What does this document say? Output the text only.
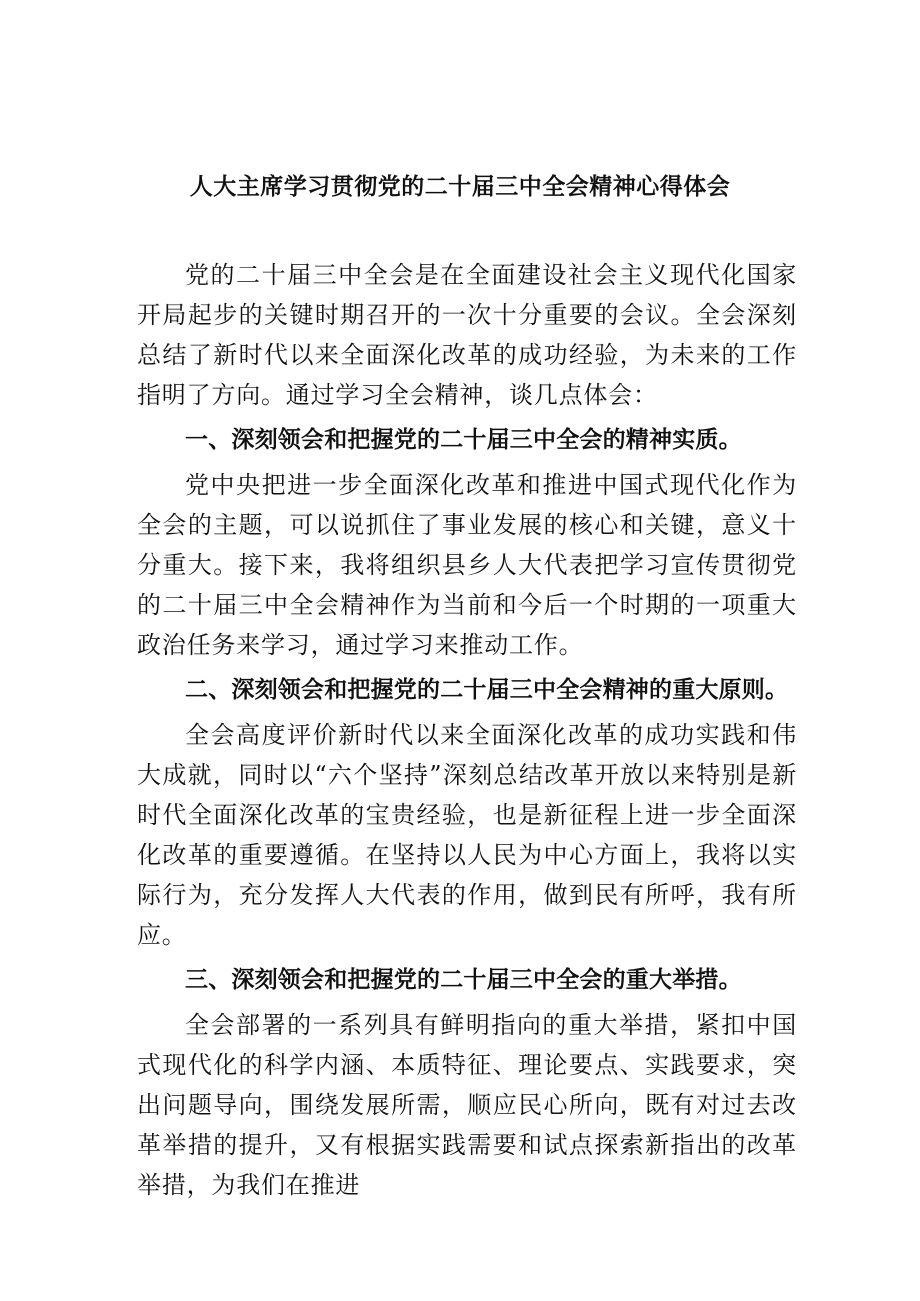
人大主席学习贯彻党的二十届三中全会精神心得体会

党的二十届三中全会是在全面建设社会主义现代化国家开局起步的关键时期召开的一次十分重要的会议。全会深刻总结了新时代以来全面深化改革的成功经验，为未来的工作指明了方向。通过学习全会精神，谈几点体会：

一、深刻领会和把握党的二十届三中全会的精神实质。

党中央把进一步全面深化改革和推进中国式现代化作为全会的主题，可以说抓住了事业发展的核心和关键，意义十分重大。接下来，我将组织县乡人大代表把学习宣传贯彻党的二十届三中全会精神作为当前和今后一个时期的一项重大政治任务来学习，通过学习来推动工作。

二、深刻领会和把握党的二十届三中全会精神的重大原则。

全会高度评价新时代以来全面深化改革的成功实践和伟大成就，同时以“六个坚持”深刻总结改革开放以来特别是新时代全面深化改革的宝贵经验，也是新征程上进一步全面深化改革的重要遵循。在坚持以人民为中心方面上，我将以实际行为，充分发挥人大代表的作用，做到民有所呼，我有所应。

三、深刻领会和把握党的二十届三中全会的重大举措。

全会部署的一系列具有鲜明指向的重大举措，紧扣中国式现代化的科学内涵、本质特征、理论要点、实践要求，突出问题导向，围绕发展所需，顺应民心所向，既有对过去改革举措的提升，又有根据实践需要和试点探索新指出的改革举措，为我们在推进
